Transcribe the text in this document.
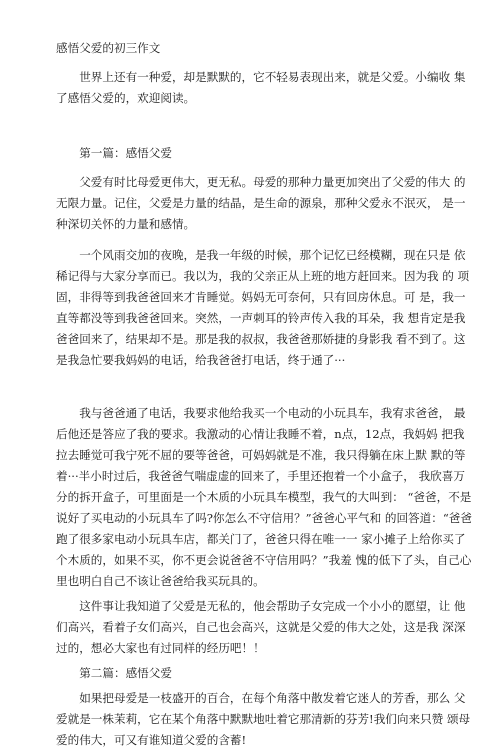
感悟父爱的初三作文

世界上还有一种爱，却是默默的，它不轻易表现出来，就是父爱。小编收 集了感悟父爱的，欢迎阅读。

第一篇：感悟父爱

父爱有时比母爱更伟大，更无私。母爱的那种力量更加突出了父爱的伟大 的无限力量。记住，父爱是力量的结晶，是生命的源泉，那种父爱永不泯灭， 是一种深切关怀的力量和感情。

一个风雨交加的夜晚，是我一年级的时候，那个记忆已经模糊，现在只是 依稀记得与大家分享而已。我以为，我的父亲正从上班的地方赶回来。因为我 的 项固，非得等到我爸爸回来才肯睡觉。妈妈无可奈何，只有回房休息。可 是，我一直等都没等到我爸爸回来。突然，一声刺耳的铃声传入我的耳朵，我 想肯定是我爸爸回来了，结果却不是。那是我的叔叔，我爸爸那娇捷的身影我 看不到了。这是我急忙要我妈妈的电话，给我爸爸打电话，终于通了···

我与爸爸通了电话，我要求他给我买一个电动的小玩具车，我宥求爸爸， 最后他还是答应了我的要求。我激动的心情让我睡不着，n点，12点，我妈妈 把我拉去睡觉可我宁死不屈的要等爸爸，可妈妈就是不准，我只得躺在床上默 默的等着···半小时过后，我爸爸气喘虚虚的回来了，手里还抱着一个小盒子， 我欣喜万分的拆开盒子，可里面是一个木质的小玩具车模型，我气的大叫到： “爸爸，不是说好了买电动的小玩具车了吗?你怎么不守信用？”爸爸心平气和 的回答道：“爸爸跑了很多家电动小玩具车店，都关门了，爸爸只得在唯一一 家小摊子上给你买了个木质的，如果不买，你不更会说爸爸不守信用吗？”我羞 愧的低下了头，自己心里也明白自己不该让爸爸给我买玩具的。

这件事让我知道了父爱是无私的，他会帮助子女完成一个小小的愿望，让 他们高兴，看着子女们高兴，自己也会高兴，这就是父爱的伟大之处，这是我 深深过的，想必大家也有过同样的经历吧！！

第二篇：感悟父爱

如果把母爱是一枝盛开的百合，在每个角落中散发着它迷人的芳香，那么 父爱就是一株茉莉，它在某个角落中默默地吐着它那清新的芬芳!我们向来只赞 颂母爱的伟大，可又有谁知道父爱的含蓄!
